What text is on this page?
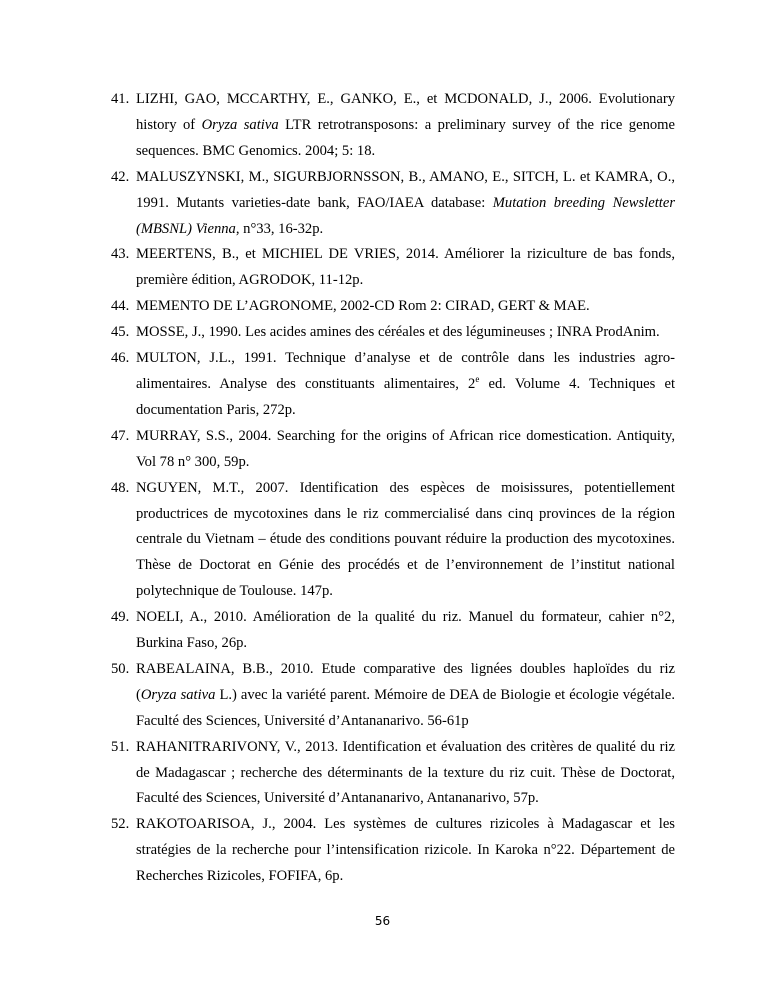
41. LIZHI, GAO, MCCARTHY, E., GANKO, E., et MCDONALD, J., 2006. Evolutionary history of Oryza sativa LTR retrotransposons: a preliminary survey of the rice genome sequences. BMC Genomics. 2004; 5: 18.
42. MALUSZYNSKI, M., SIGURBJORNSSON, B., AMANO, E., SITCH, L. et KAMRA, O., 1991. Mutants varieties-date bank, FAO/IAEA database: Mutation breeding Newsletter (MBSNL) Vienna, n°33, 16-32p.
43. MEERTENS, B., et MICHIEL DE VRIES, 2014. Améliorer la riziculture de bas fonds, première édition, AGRODOK, 11-12p.
44. MEMENTO DE L’AGRONOME, 2002-CD Rom 2: CIRAD, GERT & MAE.
45. MOSSE, J., 1990. Les acides amines des céréales et des légumineuses ; INRA ProdAnim.
46. MULTON, J.L., 1991. Technique d’analyse et de contrôle dans les industries agro-alimentaires. Analyse des constituants alimentaires, 2e ed. Volume 4. Techniques et documentation Paris, 272p.
47. MURRAY, S.S., 2004. Searching for the origins of African rice domestication. Antiquity, Vol 78 n° 300, 59p.
48. NGUYEN, M.T., 2007. Identification des espèces de moisissures, potentiellement productrices de mycotoxines dans le riz commercialisé dans cinq provinces de la région centrale du Vietnam – étude des conditions pouvant réduire la production des mycotoxines. Thèse de Doctorat en Génie des procédés et de l’environnement de l’institut national polytechnique de Toulouse. 147p.
49. NOELI, A., 2010. Amélioration de la qualité du riz. Manuel du formateur, cahier n°2, Burkina Faso, 26p.
50. RABEALAINA, B.B., 2010. Etude comparative des lignées doubles haploïdes du riz (Oryza sativa L.) avec la variété parent. Mémoire de DEA de Biologie et écologie végétale. Faculté des Sciences, Université d’Antananarivo. 56-61p
51. RAHANITRARIVONY, V., 2013. Identification et évaluation des critères de qualité du riz de Madagascar ; recherche des déterminants de la texture du riz cuit. Thèse de Doctorat, Faculté des Sciences, Université d’Antananarivo, Antananarivo, 57p.
52. RAKOTOARISOA, J., 2004. Les systèmes de cultures rizicoles à Madagascar et les stratégies de la recherche pour l’intensification rizicole. In Karoka n°22. Département de Recherches Rizicoles, FOFIFA, 6p.
56
